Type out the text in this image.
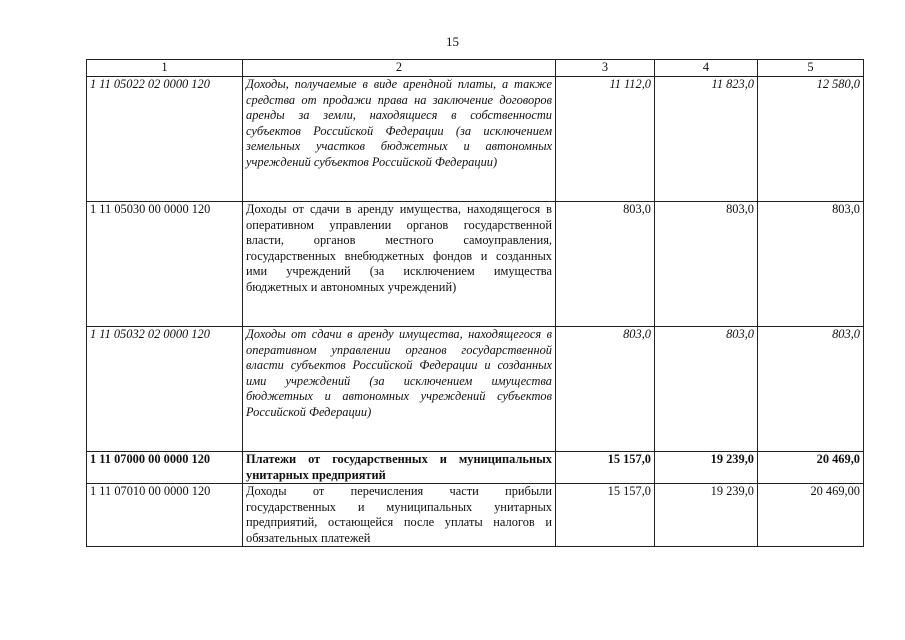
15
1	2	3	4	5
1 11 05022 02 0000 120	Доходы, получаемые в виде арендной платы, а также средства от продажи права на заключение договоров аренды за земли, находящиеся в собственности субъектов Российской Федерации (за исключением земельных участков бюджетных и автономных учреждений субъектов Российской Федерации)	11 112,0	11 823,0	12 580,0
1 11 05030 00 0000 120	Доходы от сдачи в аренду имущества, находящегося в оперативном управлении органов государственной власти, органов местного самоуправления, государственных внебюджетных фондов и созданных ими учреждений (за исключением имущества бюджетных и автономных учреждений)	803,0	803,0	803,0
1 11 05032 02 0000 120	Доходы от сдачи в аренду имущества, находящегося в оперативном управлении органов государственной власти субъектов Российской Федерации и созданных ими учреждений (за исключением имущества бюджетных и автономных учреждений субъектов Российской Федерации)	803,0	803,0	803,0
1 11 07000 00 0000 120	Платежи от государственных и муниципальных унитарных предприятий	15 157,0	19 239,0	20 469,0
1 11 07010 00 0000 120	Доходы от перечисления части прибыли государственных и муниципальных унитарных предприятий, остающейся после уплаты налогов и обязательных платежей	15 157,0	19 239,0	20 469,00
